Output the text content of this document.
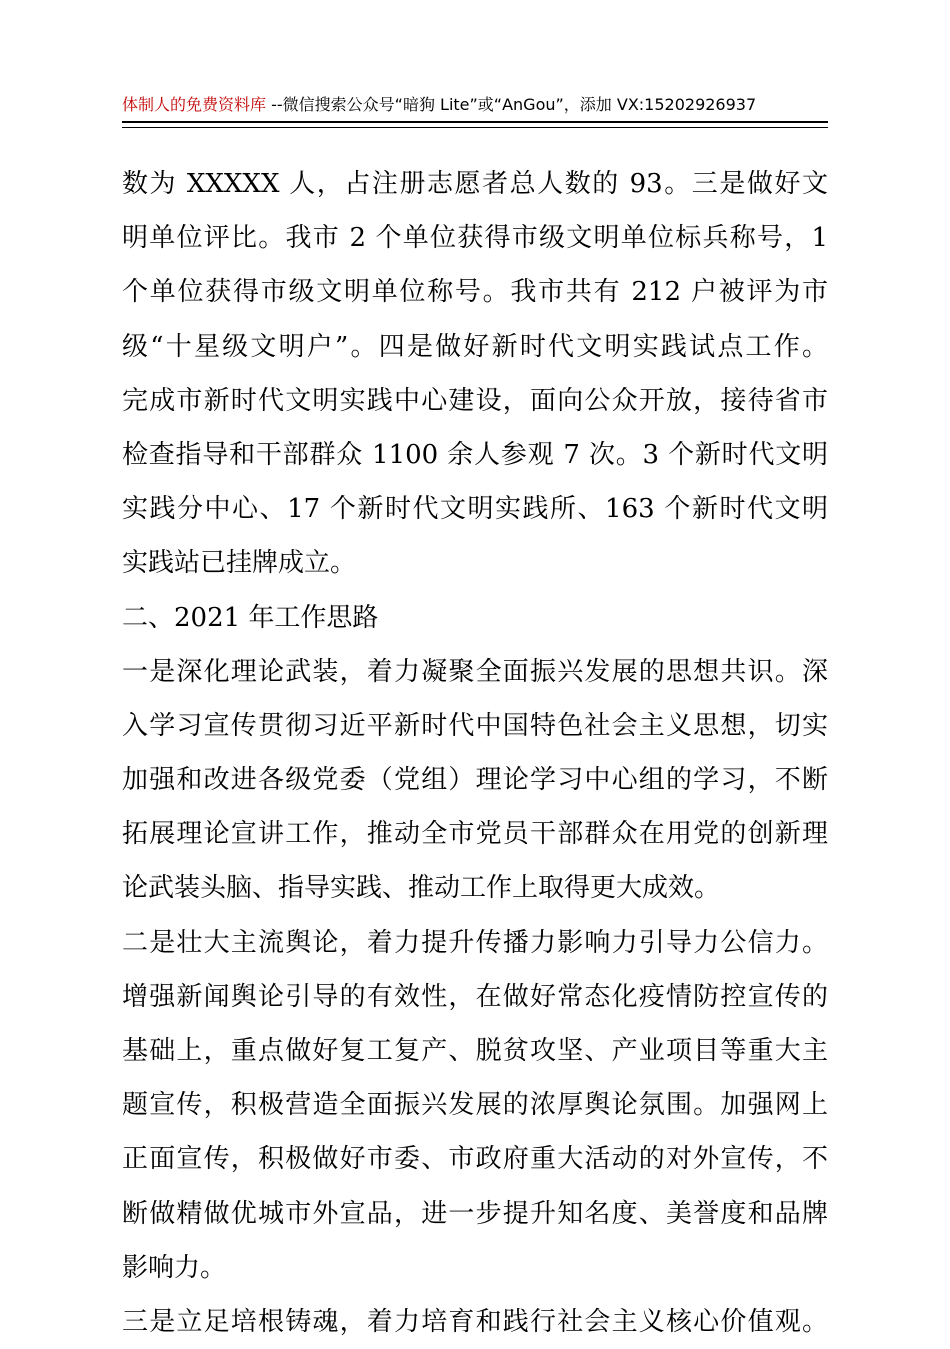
体制人的免费资料库 --微信搜索公众号“暗狗 Lite”或“AnGou”，添加 VX:15202926937
数为 XXXXX 人，占注册志愿者总人数的 93。三是做好文
明单位评比。我市 2 个单位获得市级文明单位标兵称号，1
个单位获得市级文明单位称号。我市共有 212 户被评为市
级“十星级文明户”。四是做好新时代文明实践试点工作。
完成市新时代文明实践中心建设，面向公众开放，接待省市
检查指导和干部群众 1100 余人参观 7 次。3 个新时代文明
实践分中心、17 个新时代文明实践所、163 个新时代文明
实践站已挂牌成立。
二、2021 年工作思路
一是深化理论武装，着力凝聚全面振兴发展的思想共识。深
入学习宣传贯彻习近平新时代中国特色社会主义思想，切实
加强和改进各级党委（党组）理论学习中心组的学习，不断
拓展理论宣讲工作，推动全市党员干部群众在用党的创新理
论武装头脑、指导实践、推动工作上取得更大成效。
二是壮大主流舆论，着力提升传播力影响力引导力公信力。
增强新闻舆论引导的有效性，在做好常态化疫情防控宣传的
基础上，重点做好复工复产、脱贫攻坚、产业项目等重大主
题宣传，积极营造全面振兴发展的浓厚舆论氛围。加强网上
正面宣传，积极做好市委、市政府重大活动的对外宣传，不
断做精做优城市外宣品，进一步提升知名度、美誉度和品牌
影响力。
三是立足培根铸魂，着力培育和践行社会主义核心价值观。
